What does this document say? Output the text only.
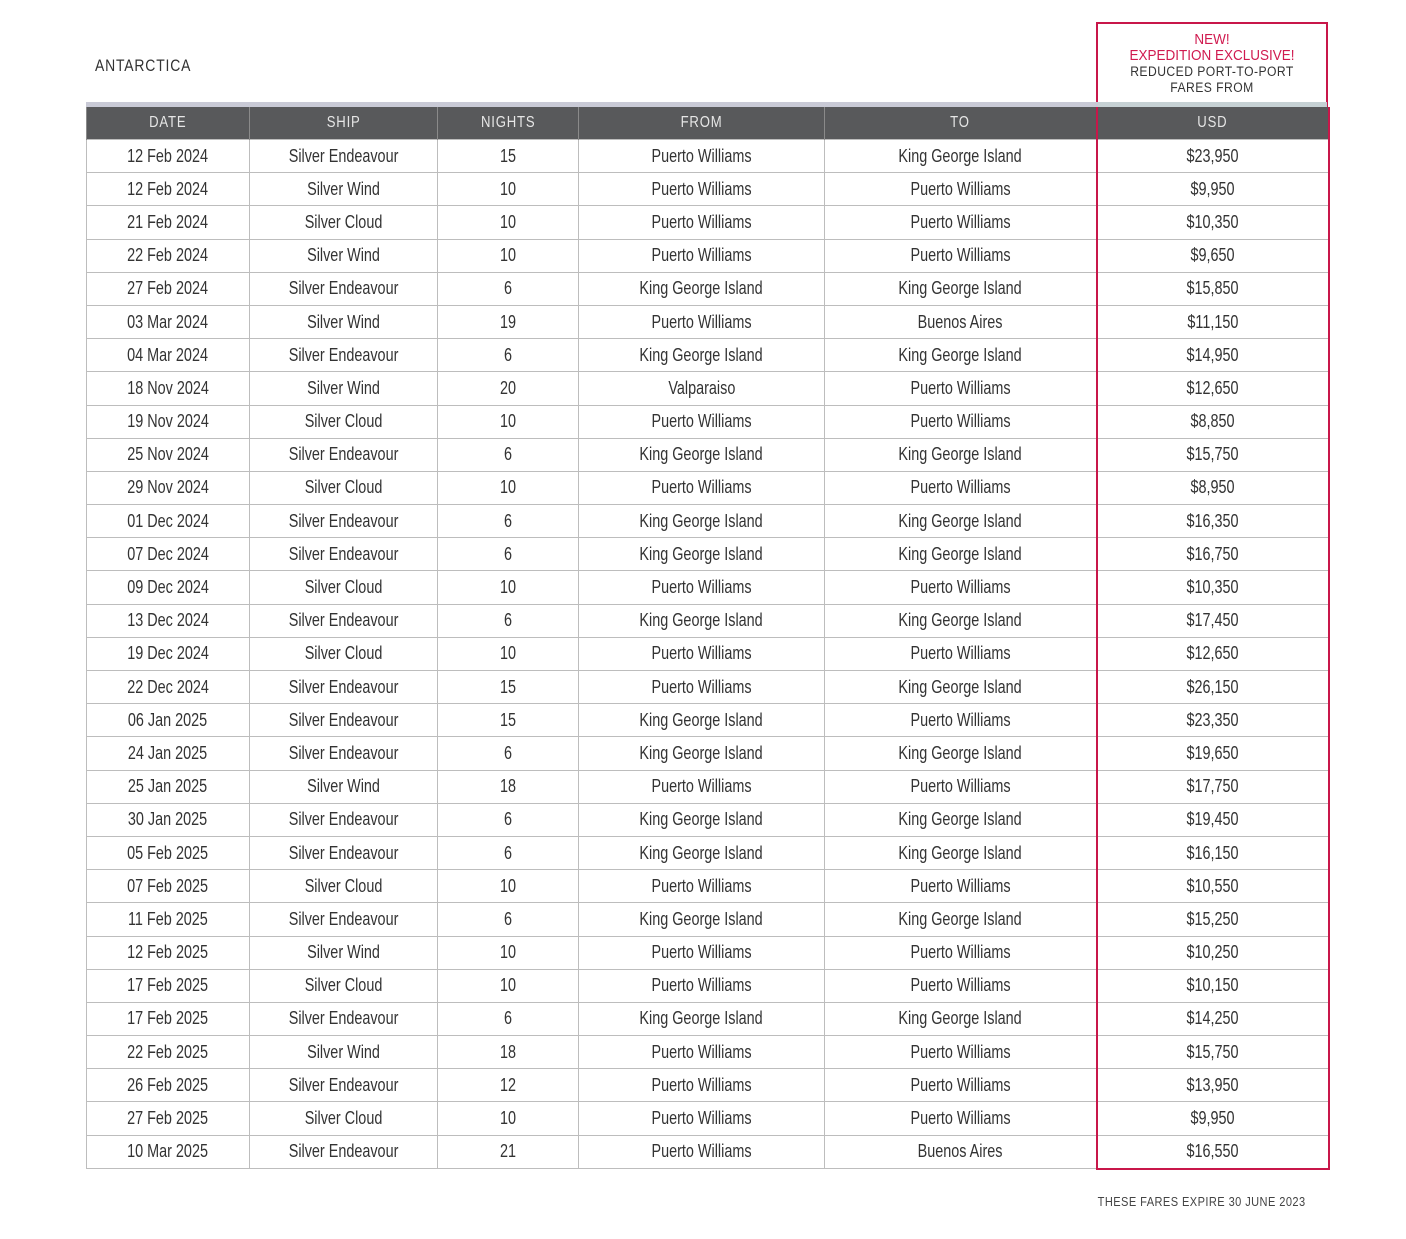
ANTARCTICA
NEW!
EXPEDITION EXCLUSIVE!
REDUCED PORT-TO-PORT
FARES FROM
DATE	SHIP	NIGHTS	FROM	TO	USD
12 Feb 2024	Silver Endeavour	15	Puerto Williams	King George Island	$23,950
12 Feb 2024	Silver Wind	10	Puerto Williams	Puerto Williams	$9,950
21 Feb 2024	Silver Cloud	10	Puerto Williams	Puerto Williams	$10,350
22 Feb 2024	Silver Wind	10	Puerto Williams	Puerto Williams	$9,650
27 Feb 2024	Silver Endeavour	6	King George Island	King George Island	$15,850
03 Mar 2024	Silver Wind	19	Puerto Williams	Buenos Aires	$11,150
04 Mar 2024	Silver Endeavour	6	King George Island	King George Island	$14,950
18 Nov 2024	Silver Wind	20	Valparaiso	Puerto Williams	$12,650
19 Nov 2024	Silver Cloud	10	Puerto Williams	Puerto Williams	$8,850
25 Nov 2024	Silver Endeavour	6	King George Island	King George Island	$15,750
29 Nov 2024	Silver Cloud	10	Puerto Williams	Puerto Williams	$8,950
01 Dec 2024	Silver Endeavour	6	King George Island	King George Island	$16,350
07 Dec 2024	Silver Endeavour	6	King George Island	King George Island	$16,750
09 Dec 2024	Silver Cloud	10	Puerto Williams	Puerto Williams	$10,350
13 Dec 2024	Silver Endeavour	6	King George Island	King George Island	$17,450
19 Dec 2024	Silver Cloud	10	Puerto Williams	Puerto Williams	$12,650
22 Dec 2024	Silver Endeavour	15	Puerto Williams	King George Island	$26,150
06 Jan 2025	Silver Endeavour	15	King George Island	Puerto Williams	$23,350
24 Jan 2025	Silver Endeavour	6	King George Island	King George Island	$19,650
25 Jan 2025	Silver Wind	18	Puerto Williams	Puerto Williams	$17,750
30 Jan 2025	Silver Endeavour	6	King George Island	King George Island	$19,450
05 Feb 2025	Silver Endeavour	6	King George Island	King George Island	$16,150
07 Feb 2025	Silver Cloud	10	Puerto Williams	Puerto Williams	$10,550
11 Feb 2025	Silver Endeavour	6	King George Island	King George Island	$15,250
12 Feb 2025	Silver Wind	10	Puerto Williams	Puerto Williams	$10,250
17 Feb 2025	Silver Cloud	10	Puerto Williams	Puerto Williams	$10,150
17 Feb 2025	Silver Endeavour	6	King George Island	King George Island	$14,250
22 Feb 2025	Silver Wind	18	Puerto Williams	Puerto Williams	$15,750
26 Feb 2025	Silver Endeavour	12	Puerto Williams	Puerto Williams	$13,950
27 Feb 2025	Silver Cloud	10	Puerto Williams	Puerto Williams	$9,950
10 Mar 2025	Silver Endeavour	21	Puerto Williams	Buenos Aires	$16,550
THESE FARES EXPIRE 30 JUNE 2023
